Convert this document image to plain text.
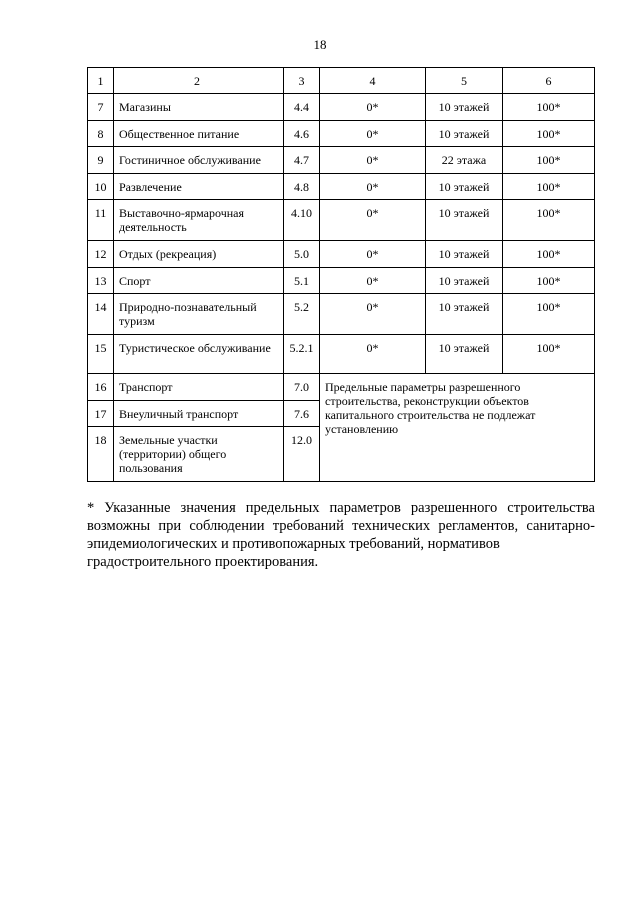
18
1	2	3	4	5	6
7	Магазины	4.4	0*	10 этажей	100*
8	Общественное питание	4.6	0*	10 этажей	100*
9	Гостиничное обслуживание	4.7	0*	22 этажа	100*
10	Развлечение	4.8	0*	10 этажей	100*
11	Выставочно-ярмарочная деятельность	4.10	0*	10 этажей	100*
12	Отдых (рекреация)	5.0	0*	10 этажей	100*
13	Спорт	5.1	0*	10 этажей	100*
14	Природно-познавательный туризм	5.2	0*	10 этажей	100*
15	Туристическое обслуживание	5.2.1	0*	10 этажей	100*
16	Транспорт	7.0	Предельные параметры разрешенного строительства, реконструкции объектов капитального строительства не подлежат установлению		
17	Внеуличный транспорт	7.6			
18	Земельные участки (территории) общего пользования	12.0			
* Указанные значения предельных параметров разрешенного строительства возможны при соблюдении требований технических регламентов, санитарно-эпидемиологических и противопожарных требований, нормативов
градостроительного проектирования.
